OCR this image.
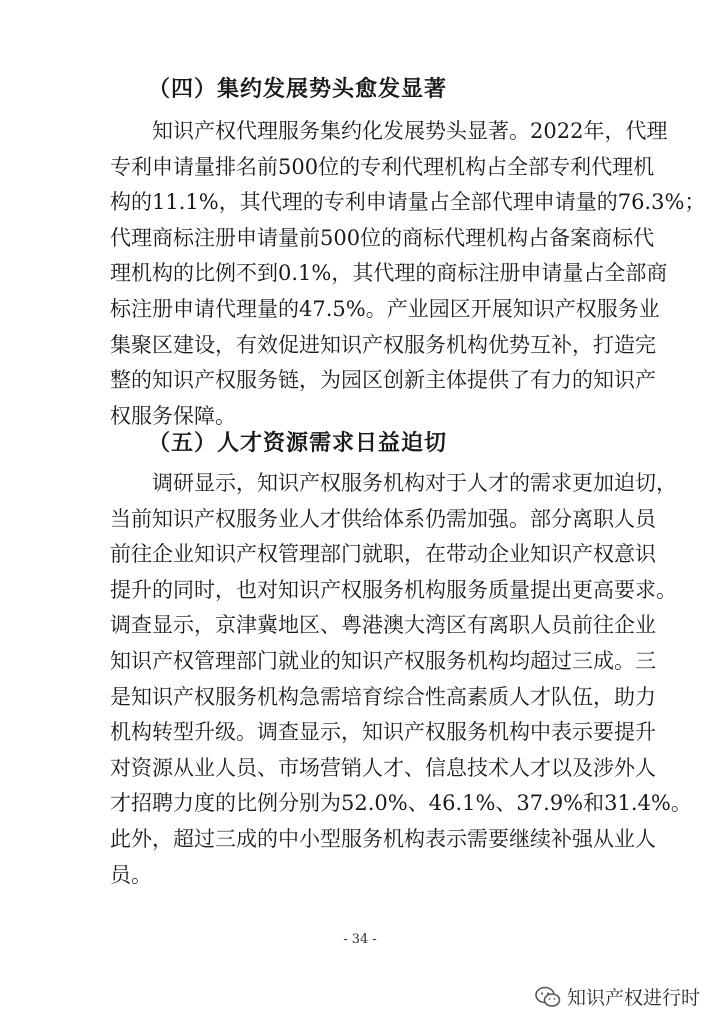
（四）集约发展势头愈发显著
知识产权代理服务集约化发展势头显著。2022年，代理
专利申请量排名前500位的专利代理机构占全部专利代理机
构的11.1%，其代理的专利申请量占全部代理申请量的76.3%；
代理商标注册申请量前500位的商标代理机构占备案商标代
理机构的比例不到0.1%，其代理的商标注册申请量占全部商
标注册申请代理量的47.5%。产业园区开展知识产权服务业
集聚区建设，有效促进知识产权服务机构优势互补，打造完
整的知识产权服务链，为园区创新主体提供了有力的知识产
权服务保障。
（五）人才资源需求日益迫切
调研显示，知识产权服务机构对于人才的需求更加迫切，
当前知识产权服务业人才供给体系仍需加强。部分离职人员
前往企业知识产权管理部门就职，在带动企业知识产权意识
提升的同时，也对知识产权服务机构服务质量提出更高要求。
调查显示，京津冀地区、粤港澳大湾区有离职人员前往企业
知识产权管理部门就业的知识产权服务机构均超过三成。三
是知识产权服务机构急需培育综合性高素质人才队伍，助力
机构转型升级。调查显示，知识产权服务机构中表示要提升
对资源从业人员、市场营销人才、信息技术人才以及涉外人
才招聘力度的比例分别为52.0%、46.1%、37.9%和31.4%。
此外，超过三成的中小型服务机构表示需要继续补强从业人
员。
- 34 -
知识产权进行时
